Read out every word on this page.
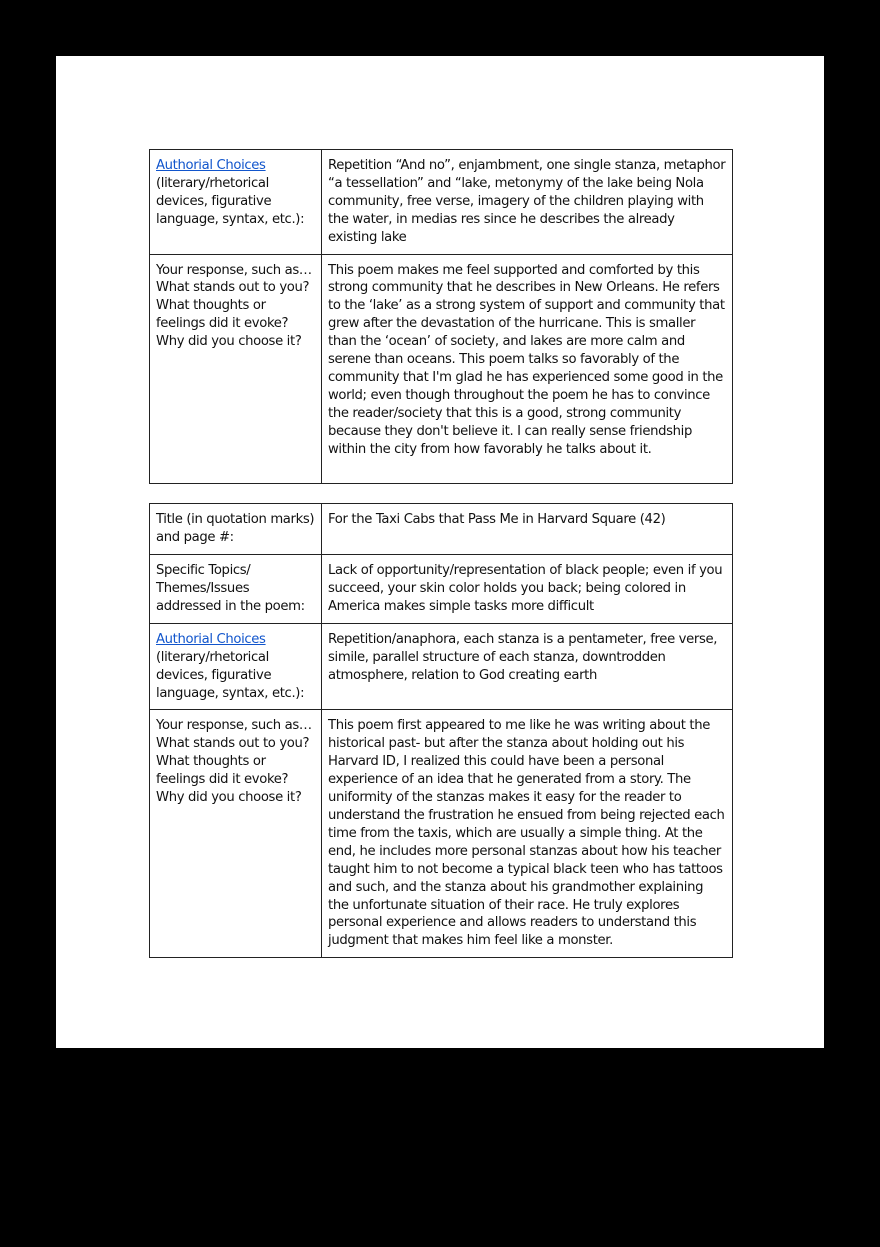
Authorial Choices
(literary/rhetorical devices, figurative language, syntax, etc.):	Repetition “And no”, enjambment, one single stanza, metaphor “a tessellation” and “lake, metonymy of the lake being Nola community, free verse, imagery of the children playing with the water, in medias res since he describes the already existing lake
Your response, such as… What stands out to you? What thoughts or feelings did it evoke? Why did you choose it?	This poem makes me feel supported and comforted by this strong community that he describes in New Orleans. He refers to the ‘lake’ as a strong system of support and community that grew after the devastation of the hurricane. This is smaller than the ‘ocean’ of society, and lakes are more calm and serene than oceans. This poem talks so favorably of the community that I'm glad he has experienced some good in the world; even though throughout the poem he has to convince the reader/society that this is a good, strong community because they don't believe it. I can really sense friendship within the city from how favorably he talks about it.
Title (in quotation marks) and page #:	For the Taxi Cabs that Pass Me in Harvard Square (42)
Specific Topics/ Themes/Issues addressed in the poem:	Lack of opportunity/representation of black people; even if you succeed, your skin color holds you back; being colored in America makes simple tasks more difficult
Authorial Choices
(literary/rhetorical devices, figurative language, syntax, etc.):	Repetition/anaphora, each stanza is a pentameter, free verse, simile, parallel structure of each stanza, downtrodden atmosphere, relation to God creating earth
Your response, such as… What stands out to you? What thoughts or feelings did it evoke? Why did you choose it?	This poem first appeared to me like he was writing about the historical past- but after the stanza about holding out his Harvard ID, I realized this could have been a personal experience of an idea that he generated from a story. The uniformity of the stanzas makes it easy for the reader to understand the frustration he ensued from being rejected each time from the taxis, which are usually a simple thing. At the end, he includes more personal stanzas about how his teacher taught him to not become a typical black teen who has tattoos and such, and the stanza about his grandmother explaining the unfortunate situation of their race. He truly explores personal experience and allows readers to understand this judgment that makes him feel like a monster.
